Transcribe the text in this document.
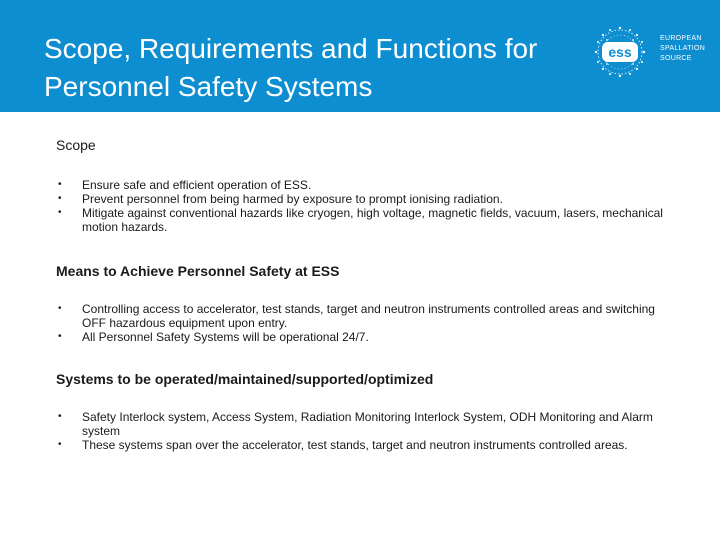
Scope, Requirements and Functions for
Personnel Safety Systems
ess
EUROPEAN
SPALLATION
SOURCE

Scope

• Ensure safe and efficient operation of ESS.
• Prevent personnel from being harmed by exposure to prompt ionising radiation.
• Mitigate against conventional hazards like cryogen, high voltage, magnetic fields, vacuum, lasers, mechanical motion hazards.

Means to Achieve Personnel Safety at ESS

• Controlling access to accelerator, test stands, target and neutron instruments controlled areas and switching OFF hazardous equipment upon entry.
• All Personnel Safety Systems will be operational 24/7.

Systems to be operated/maintained/supported/optimized

• Safety Interlock system, Access System, Radiation Monitoring Interlock System, ODH Monitoring and Alarm system
• These systems span over the accelerator, test stands, target and neutron instruments controlled areas.
